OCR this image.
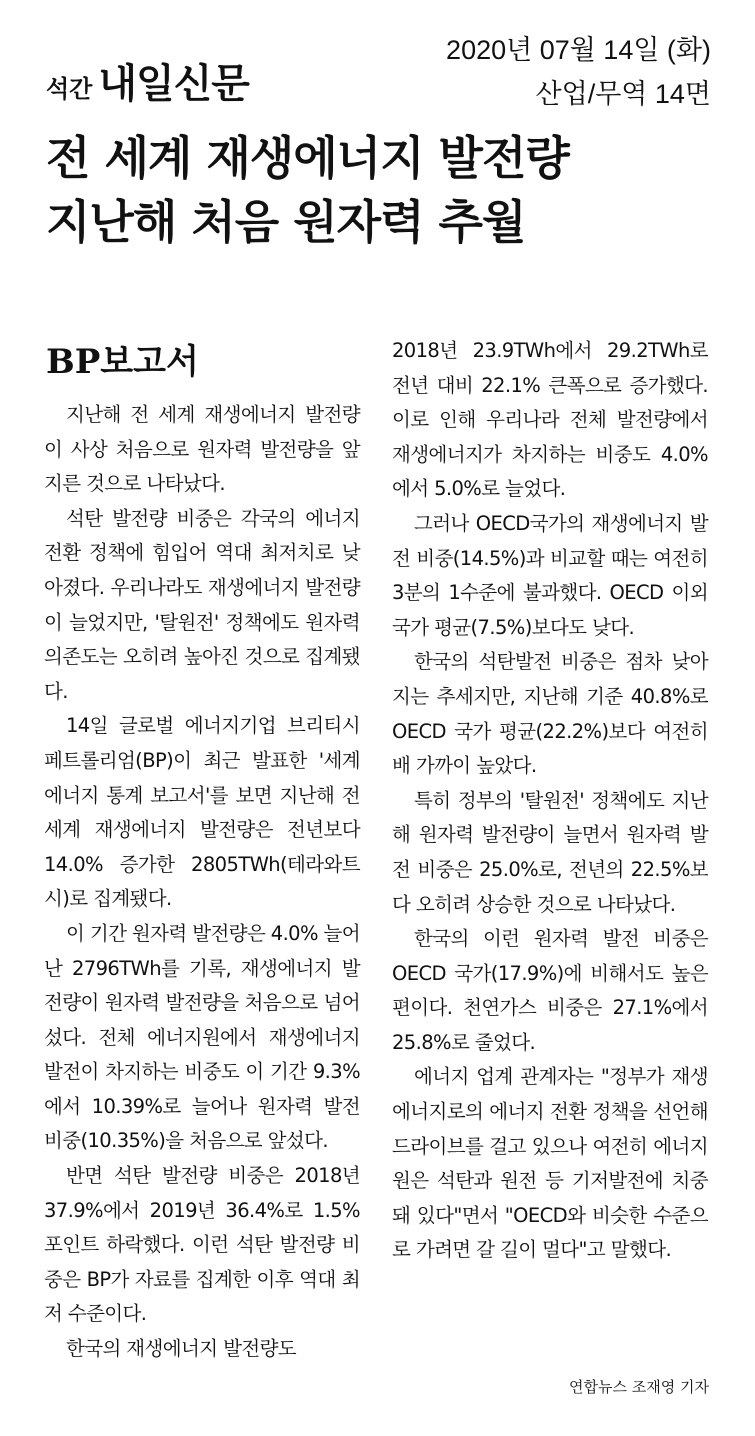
석간 내일신문
2020년 07월 14일 (화)
산업/무역 14면
전 세계 재생에너지 발전량
지난해 처음 원자력 추월
BP보고서

지난해 전 세계 재생에너지 발전량이 사상 처음으로 원자력 발전량을 앞지른 것으로 나타났다.

석탄 발전량 비중은 각국의 에너지 전환 정책에 힘입어 역대 최저치로 낮아졌다. 우리나라도 재생에너지 발전량이 늘었지만, '탈원전' 정책에도 원자력 의존도는 오히려 높아진 것으로 집계됐다.

14일 글로벌 에너지기업 브리티시 페트롤리엄(BP)이 최근 발표한 '세계 에너지 통계 보고서'를 보면 지난해 전 세계 재생에너지 발전량은 전년보다 14.0% 증가한 2805TWh(테라와트시)로 집계됐다.

이 기간 원자력 발전량은 4.0% 늘어난 2796TWh를 기록, 재생에너지 발전량이 원자력 발전량을 처음으로 넘어섰다. 전체 에너지원에서 재생에너지 발전이 차지하는 비중도 이 기간 9.3%에서 10.39%로 늘어나 원자력 발전 비중(10.35%)을 처음으로 앞섰다.

반면 석탄 발전량 비중은 2018년 37.9%에서 2019년 36.4%로 1.5%포인트 하락했다. 이런 석탄 발전량 비중은 BP가 자료를 집계한 이후 역대 최저 수준이다.

한국의 재생에너지 발전량도

2018년 23.9TWh에서 29.2TWh로 전년 대비 22.1% 큰폭으로 증가했다. 이로 인해 우리나라 전체 발전량에서 재생에너지가 차지하는 비중도 4.0%에서 5.0%로 늘었다.

그러나 OECD국가의 재생에너지 발전 비중(14.5%)과 비교할 때는 여전히 3분의 1수준에 불과했다. OECD 이외 국가 평균(7.5%)보다도 낮다.

한국의 석탄발전 비중은 점차 낮아지는 추세지만, 지난해 기준 40.8%로 OECD 국가 평균(22.2%)보다 여전히 배 가까이 높았다.

특히 정부의 '탈원전' 정책에도 지난해 원자력 발전량이 늘면서 원자력 발전 비중은 25.0%로, 전년의 22.5%보다 오히려 상승한 것으로 나타났다.

한국의 이런 원자력 발전 비중은 OECD 국가(17.9%)에 비해서도 높은 편이다. 천연가스 비중은 27.1%에서 25.8%로 줄었다.

에너지 업계 관계자는 "정부가 재생에너지로의 에너지 전환 정책을 선언해 드라이브를 걸고 있으나 여전히 에너지원은 석탄과 원전 등 기저발전에 치중돼 있다"면서 "OECD와 비슷한 수준으로 가려면 갈 길이 멀다"고 말했다.

연합뉴스 조재영 기자
